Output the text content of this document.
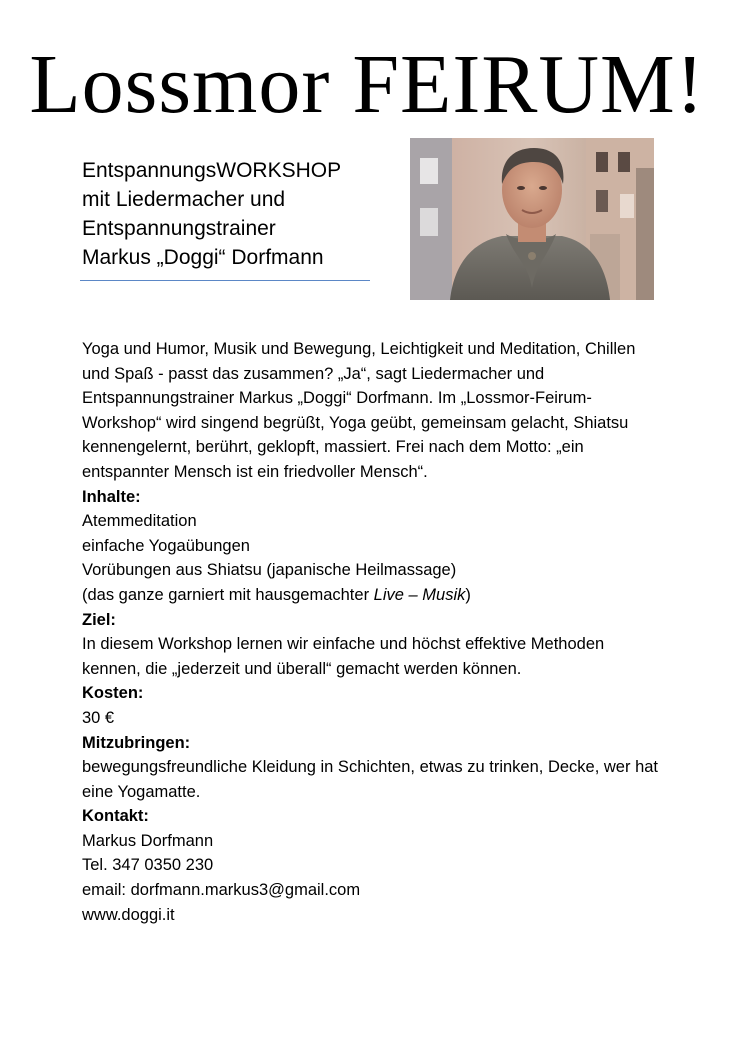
Lossmor FEIRUM!
EntspannungsWORKSHOP
mit Liedermacher und
Entspannungstrainer
Markus „Doggi“ Dorfmann

Yoga und Humor, Musik und Bewegung, Leichtigkeit und Meditation, Chillen und Spaß - passt das zusammen? „Ja“, sagt Liedermacher und Entspannungstrainer Markus „Doggi“ Dorfmann. Im „Lossmor-Feirum-Workshop“ wird singend begrüßt, Yoga geübt, gemeinsam gelacht, Shiatsu kennengelernt, berührt, geklopft, massiert. Frei nach dem Motto: „ein entspannter Mensch ist ein friedvoller Mensch“.

Inhalte:

Atemmeditation

einfache Yogaübungen

Vorübungen aus Shiatsu (japanische Heilmassage)

(das ganze garniert mit hausgemachter Live – Musik)

Ziel:

In diesem Workshop lernen wir einfache und höchst effektive Methoden kennen, die „jederzeit und überall“ gemacht werden können.

Kosten:

30 €

Mitzubringen:

bewegungsfreundliche Kleidung in Schichten, etwas zu trinken, Decke, wer hat eine Yogamatte.

Kontakt:

Markus Dorfmann

Tel. 347 0350 230

email: dorfmann.markus3@gmail.com

www.doggi.it
